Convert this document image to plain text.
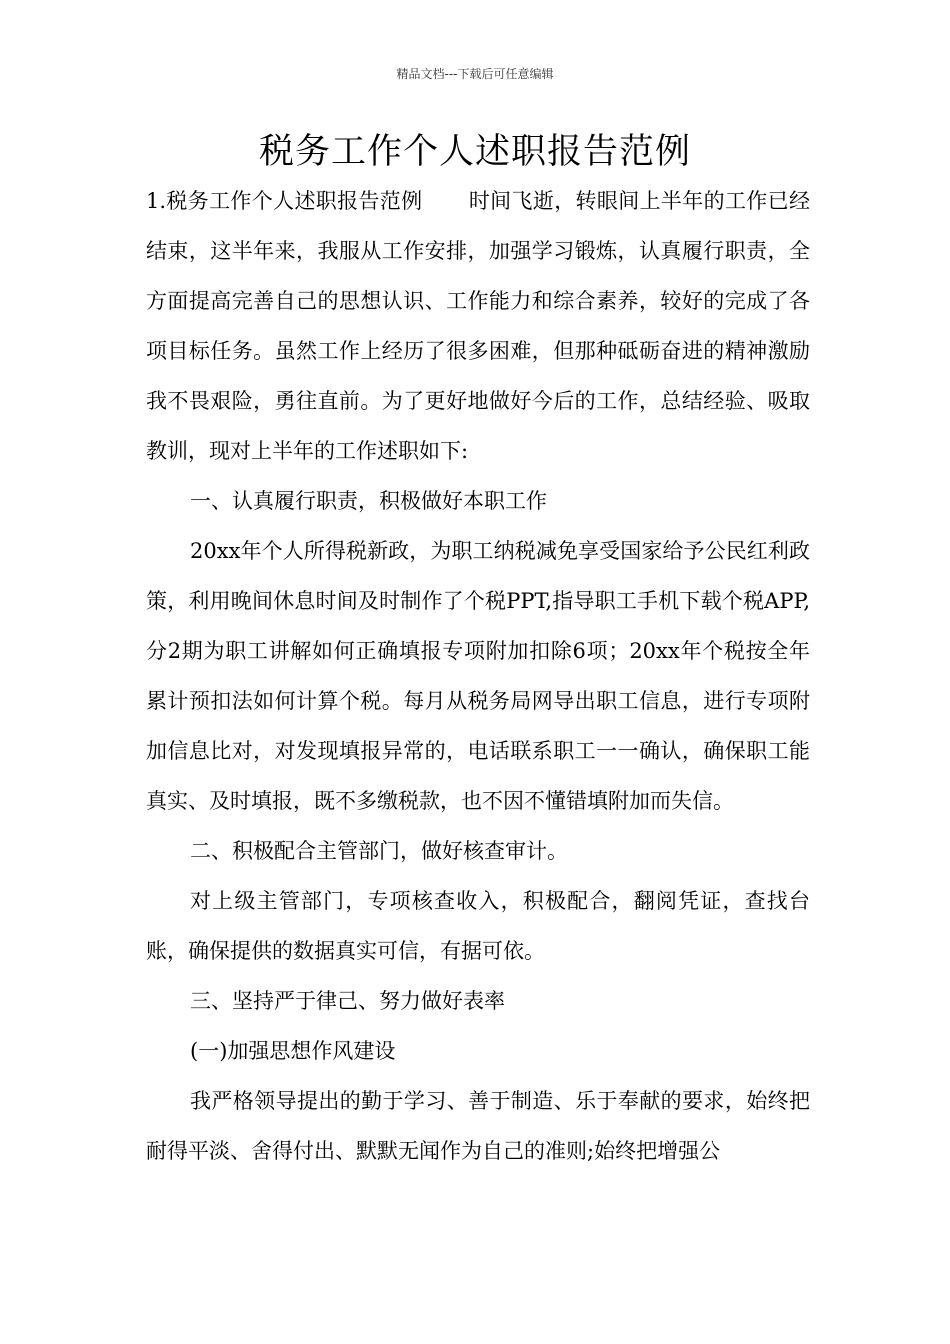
精品文档---下载后可任意编辑
税务工作个人述职报告范例

1.税务工作个人述职报告范例 时间飞逝，转眼间上半年的工作已经结束，这半年来，我服从工作安排，加强学习锻炼，认真履行职责，全方面提高完善自己的思想认识、工作能力和综合素养，较好的完成了各项目标任务。虽然工作上经历了很多困难，但那种砥砺奋进的精神激励我不畏艰险，勇往直前。为了更好地做好今后的工作，总结经验、吸取教训，现对上半年的工作述职如下:

一、认真履行职责，积极做好本职工作

20xx年个人所得税新政，为职工纳税减免享受国家给予公民红利政策，利用晚间休息时间及时制作了个税PPT,指导职工手机下载个税APP,分2期为职工讲解如何正确填报专项附加扣除6项；20xx年个税按全年累计预扣法如何计算个税。每月从税务局网导出职工信息，进行专项附加信息比对，对发现填报异常的，电话联系职工一一确认，确保职工能真实、及时填报，既不多缴税款，也不因不懂错填附加而失信。

二、积极配合主管部门，做好核查审计。

对上级主管部门，专项核查收入，积极配合，翻阅凭证，查找台账，确保提供的数据真实可信，有据可依。

三、坚持严于律己、努力做好表率

(一)加强思想作风建设

我严格领导提出的勤于学习、善于制造、乐于奉献的要求，始终把耐得平淡、舍得付出、默默无闻作为自己的准则;始终把增强公
